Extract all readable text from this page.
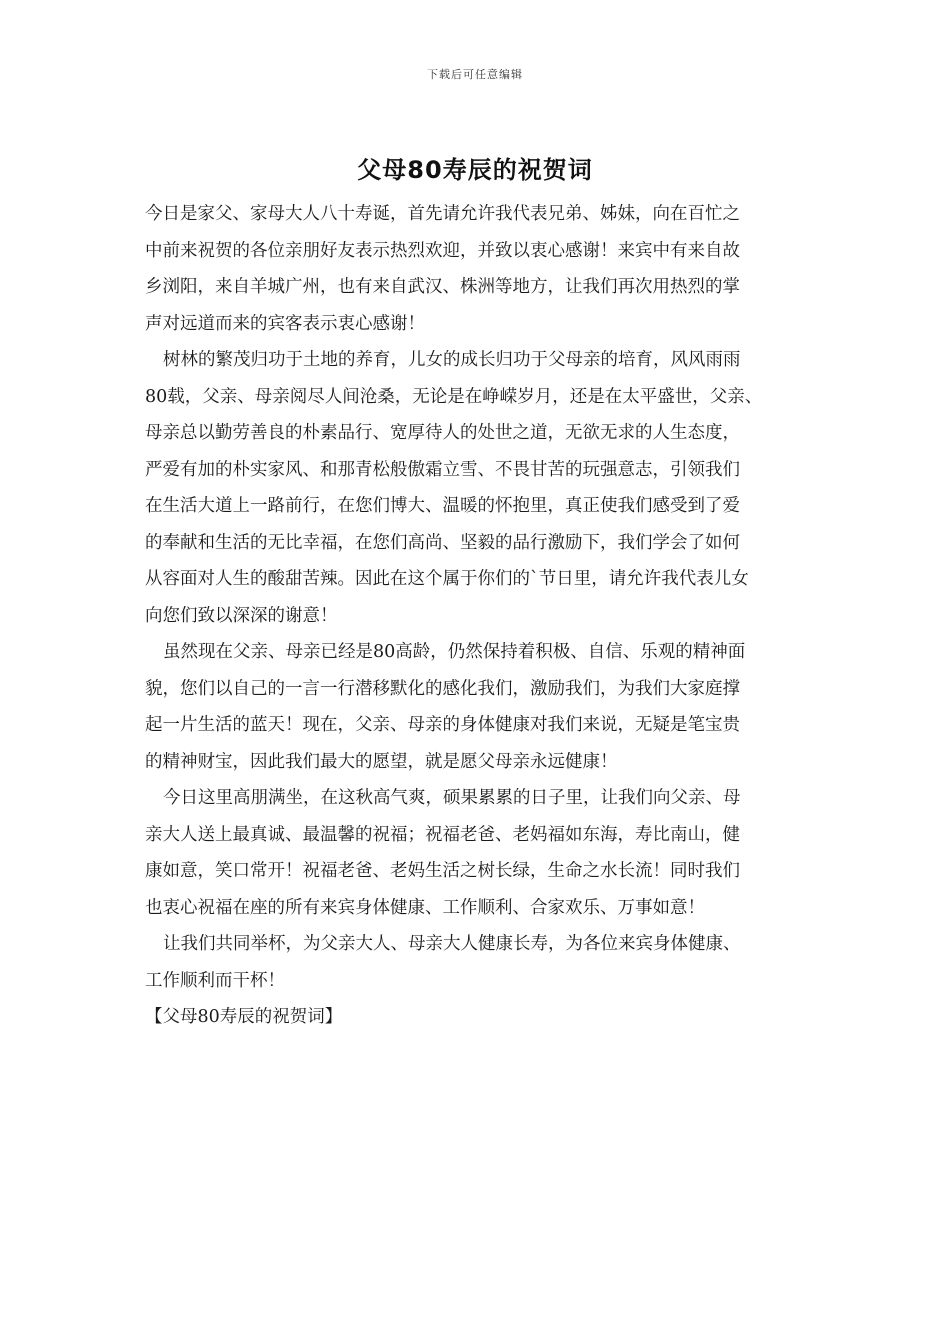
下载后可任意编辑
父母80寿辰的祝贺词
今日是家父、家母大人八十寿诞，首先请允许我代表兄弟、姊妹，向在百忙之
中前来祝贺的各位亲朋好友表示热烈欢迎，并致以衷心感谢！来宾中有来自故
乡浏阳，来自羊城广州，也有来自武汉、株洲等地方，让我们再次用热烈的掌
声对远道而来的宾客表示衷心感谢！
树林的繁茂归功于土地的养育，儿女的成长归功于父母亲的培育，风风雨雨
80载，父亲、母亲阅尽人间沧桑，无论是在峥嵘岁月，还是在太平盛世，父亲、
母亲总以勤劳善良的朴素品行、宽厚待人的处世之道，无欲无求的人生态度，
严爱有加的朴实家风、和那青松般傲霜立雪、不畏甘苦的玩强意志，引领我们
在生活大道上一路前行，在您们博大、温暖的怀抱里，真正使我们感受到了爱
的奉献和生活的无比幸福，在您们高尚、坚毅的品行激励下，我们学会了如何
从容面对人生的酸甜苦辣。因此在这个属于你们的`节日里，请允许我代表儿女
向您们致以深深的谢意！
虽然现在父亲、母亲已经是80高龄，仍然保持着积极、自信、乐观的精神面
貌，您们以自己的一言一行潜移默化的感化我们，激励我们，为我们大家庭撑
起一片生活的蓝天！现在，父亲、母亲的身体健康对我们来说，无疑是笔宝贵
的精神财宝，因此我们最大的愿望，就是愿父母亲永远健康！
今日这里高朋满坐，在这秋高气爽，硕果累累的日子里，让我们向父亲、母
亲大人送上最真诚、最温馨的祝福；祝福老爸、老妈福如东海，寿比南山，健
康如意，笑口常开！祝福老爸、老妈生活之树长绿，生命之水长流！同时我们
也衷心祝福在座的所有来宾身体健康、工作顺利、合家欢乐、万事如意！
让我们共同举杯，为父亲大人、母亲大人健康长寿，为各位来宾身体健康、
工作顺利而干杯！
【父母80寿辰的祝贺词】
